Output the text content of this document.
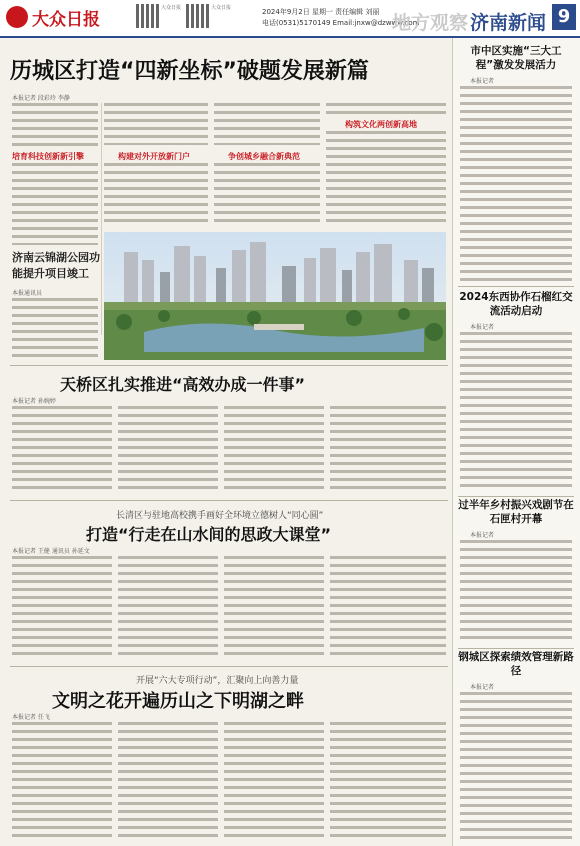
大众日报
大众日报	大众日报	2024年9月2日 星期一 责任编辑 刘丽
电话(0531)5170149 Email:jnxw@dzwww.com
地方观察 济南新闻 9
历城区打造“四新坐标”破题发展新篇
本报记者 段彩玲 李静
培育科技创新新引擎	构建对外开放新门户	争创城乡融合新典范
构筑文化两创新高地
济南云锦湖公园功能提升项目竣工
本报通讯员
天桥区扎实推进“高效办成一件事”
本报记者 孙婉婷
长清区与驻地高校携手画好全环境立德树人“同心圆”
打造“行走在山水间的思政大课堂”
本报记者 王健 通讯员 孙延文
开展“六大专项行动”，汇聚向上向善力量
文明之花开遍历山之下明湖之畔
本报记者 任飞
市中区实施“三大工程”激发发展活力
本报记者
2024东西协作石榴红交流活动启动
本报记者
过半年乡村振兴戏剧节在石匣村开幕
本报记者
钢城区探索绩效管理新路径
本报记者
